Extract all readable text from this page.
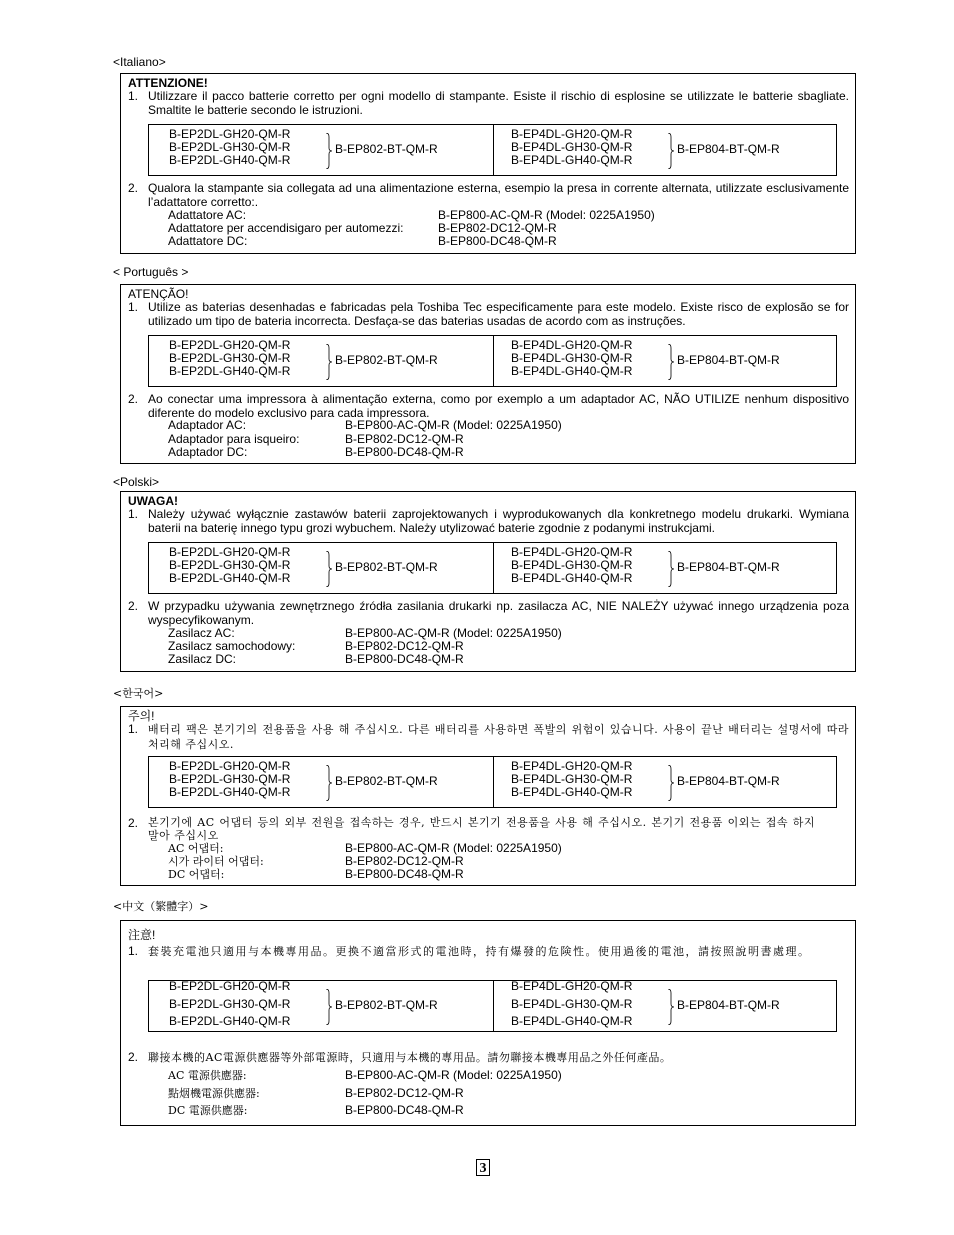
<Italiano>
ATTENZIONE!
1. Utilizzare il pacco batterie corretto per ogni modello di stampante. Esiste il rischio di esplosine se utilizzate le batterie sbagliate. Smaltite le batterie secondo le istruzioni.
B-EP2DL-GH20-QM-R
B-EP2DL-GH30-QM-R
B-EP2DL-GH40-QM-R
B-EP802-BT-QM-R
B-EP4DL-GH20-QM-R
B-EP4DL-GH30-QM-R
B-EP4DL-GH40-QM-R
B-EP804-BT-QM-R
2. Qualora la stampante sia collegata ad una alimentazione esterna, esempio la presa in corrente alternata, utilizzate esclusivamente l’adattatore corretto:.
Adattatore AC:	B-EP800-AC-QM-R (Model: 0225A1950)
Adattatore per accendisigaro per automezzi:	B-EP802-DC12-QM-R
Adattatore DC:	B-EP800-DC48-QM-R
< Português >
ATENÇÃO!
1. Utilize as baterias desenhadas e fabricadas pela Toshiba Tec especificamente para este modelo. Existe risco de explosão se for utilizado um tipo de bateria incorrecta. Desfaça-se das baterias usadas de acordo com as instruções.
B-EP2DL-GH20-QM-R
B-EP2DL-GH30-QM-R
B-EP2DL-GH40-QM-R
B-EP802-BT-QM-R
B-EP4DL-GH20-QM-R
B-EP4DL-GH30-QM-R
B-EP4DL-GH40-QM-R
B-EP804-BT-QM-R
2. Ao conectar uma impressora à alimentação externa, como por exemplo a um adaptador AC, NÃO UTILIZE nenhum dispositivo diferente do modelo exclusivo para cada impressora.
Adaptador AC:	B-EP800-AC-QM-R (Model: 0225A1950)
Adaptador para isqueiro:	B-EP802-DC12-QM-R
Adaptador DC:	B-EP800-DC48-QM-R
<Polski>
UWAGA!
1. Należy używać wyłącznie zastawów baterii zaprojektowanych i wyprodukowanych dla konkretnego modelu drukarki. Wymiana baterii na baterię innego typu grozi wybuchem. Należy utylizować baterie zgodnie z podanymi instrukcjami.
B-EP2DL-GH20-QM-R
B-EP2DL-GH30-QM-R
B-EP2DL-GH40-QM-R
B-EP802-BT-QM-R
B-EP4DL-GH20-QM-R
B-EP4DL-GH30-QM-R
B-EP4DL-GH40-QM-R
B-EP804-BT-QM-R
2. W przypadku używania zewnętrznego źródła zasilania drukarki np. zasilacza AC, NIE NALEŻY używać innego urządzenia poza wyspecyfikowanym.
Zasilacz AC:	B-EP800-AC-QM-R (Model: 0225A1950)
Zasilacz samochodowy:	B-EP802-DC12-QM-R
Zasilacz DC:	B-EP800-DC48-QM-R
<한국어>
주의!
1. 배터리 팩은 본기기의 전용품을 사용 해 주십시오. 다른 배터리를 사용하면 폭발의 위험이 있습니다. 사용이 끝난 배터리는 설명서에 따라 처리해 주십시오.
B-EP2DL-GH20-QM-R
B-EP2DL-GH30-QM-R
B-EP2DL-GH40-QM-R
B-EP802-BT-QM-R
B-EP4DL-GH20-QM-R
B-EP4DL-GH30-QM-R
B-EP4DL-GH40-QM-R
B-EP804-BT-QM-R
2. 본기기에 AC 어댑터 등의 외부 전원을 접속하는 경우, 반드시 본기기 전용품을 사용 해 주십시오. 본기기 전용품 이외는 접속 하지 말아 주십시오
AC 어댑터:	B-EP800-AC-QM-R (Model: 0225A1950)
시가 라이터 어댑터:	B-EP802-DC12-QM-R
DC 어댑터:	B-EP800-DC48-QM-R
<中文（繁體字）>
注意!
1. 套裝充電池只適用与本機專用品。更換不適當形式的電池時，持有爆發的危険性。使用過後的電池，請按照說明書處理。
B-EP2DL-GH20-QM-R
B-EP2DL-GH30-QM-R
B-EP2DL-GH40-QM-R
B-EP802-BT-QM-R
B-EP4DL-GH20-QM-R
B-EP4DL-GH30-QM-R
B-EP4DL-GH40-QM-R
B-EP804-BT-QM-R
2. 聯接本機的AC電源供應器等外部電源時，只適用与本機的專用品。請勿聯接本機專用品之外任何產品。
AC 電源供應器:	B-EP800-AC-QM-R (Model: 0225A1950)
點烟機電源供應器:	B-EP802-DC12-QM-R
DC 電源供應器:	B-EP800-DC48-QM-R
3
